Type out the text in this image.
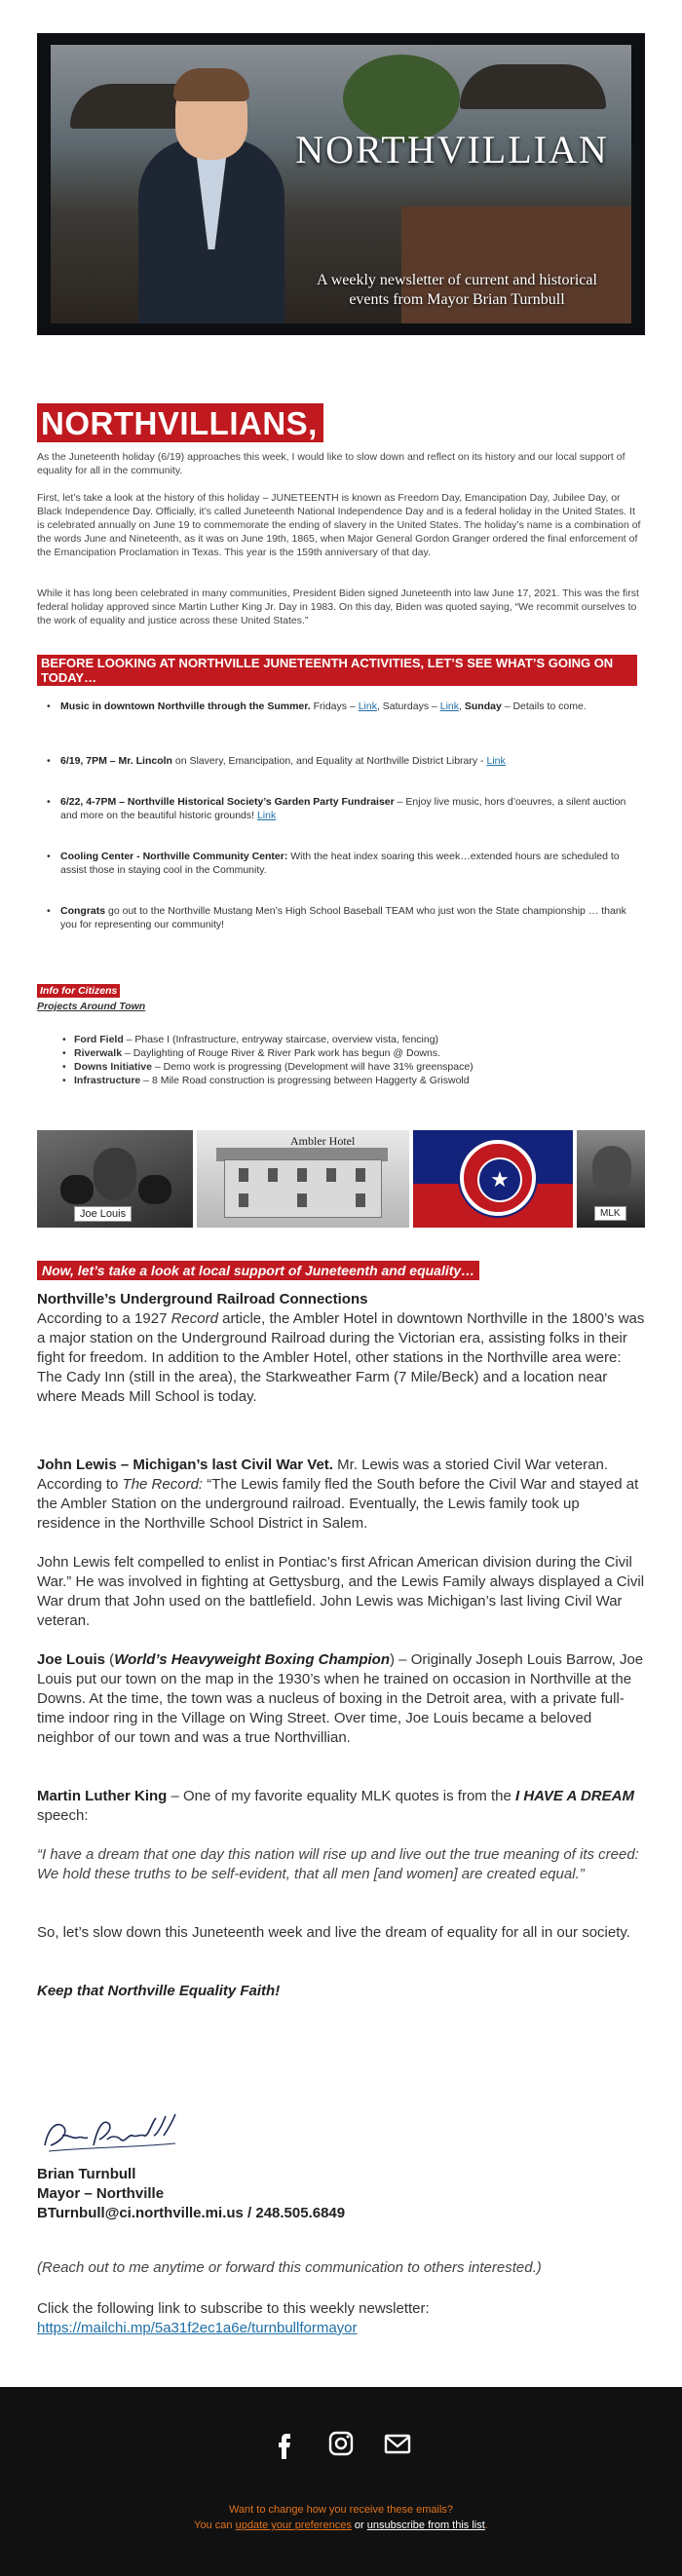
NORTHVILLIAN
A weekly newsletter of current and historical events from Mayor Brian Turnbull
NORTHVILLIANS,

As the Juneteenth holiday (6/19) approaches this week, I would like to slow down and reflect on its history and our local support of equality for all in the community.

First, let’s take a look at the history of this holiday – JUNETEENTH is known as Freedom Day, Emancipation Day, Jubilee Day, or Black Independence Day. Officially, it’s called Juneteenth National Independence Day and is a federal holiday in the United States. It is celebrated annually on June 19 to commemorate the ending of slavery in the United States. The holiday’s name is a combination of the words June and Nineteenth, as it was on June 19th, 1865, when Major General Gordon Granger ordered the final enforcement of the Emancipation Proclamation in Texas. This year is the 159th anniversary of that day.

While it has long been celebrated in many communities, President Biden signed Juneteenth into law June 17, 2021. This was the first federal holiday approved since Martin Luther King Jr. Day in 1983. On this day, Biden was quoted saying, “We recommit ourselves to the work of equality and justice across these United States.”

BEFORE LOOKING AT NORTHVILLE JUNETEENTH ACTIVITIES, LET’S SEE WHAT’S GOING ON TODAY…

• Music in downtown Northville through the Summer. Fridays – Link, Saturdays – Link, Sunday – Details to come.

• 6/19, 7PM – Mr. Lincoln on Slavery, Emancipation, and Equality at Northville District Library - Link

• 6/22, 4-7PM – Northville Historical Society’s Garden Party Fundraiser – Enjoy live music, hors d’oeuvres, a silent auction and more on the beautiful historic grounds! Link

• Cooling Center - Northville Community Center: With the heat index soaring this week…extended hours are scheduled to assist those in staying cool in the Community.

• Congrats go out to the Northville Mustang Men’s High School Baseball TEAM who just won the State championship … thank you for representing our community!

Info for Citizens
Projects Around Town

• Ford Field – Phase I (Infrastructure, entryway staircase, overview vista, fencing)

• Riverwalk – Daylighting of Rouge River & River Park work has begun @ Downs.

• Downs Initiative – Demo work is progressing (Development will have 31% greenspace)

• Infrastructure – 8 Mile Road construction is progressing between Haggerty & Griswold

Joe Louis
Ambler Hotel
★
MLK
Now, let’s take a look at local support of Juneteenth and equality…

Northville’s Underground Railroad Connections
According to a 1927 Record article, the Ambler Hotel in downtown Northville in the 1800’s was a major station on the Underground Railroad during the Victorian era, assisting folks in their fight for freedom. In addition to the Ambler Hotel, other stations in the Northville area were: The Cady Inn (still in the area), the Starkweather Farm (7 Mile/Beck) and a location near where Meads Mill School is today.

John Lewis – Michigan’s last Civil War Vet. Mr. Lewis was a storied Civil War veteran. According to The Record: “The Lewis family fled the South before the Civil War and stayed at the Ambler Station on the underground railroad. Eventually, the Lewis family took up residence in the Northville School District in Salem.

John Lewis felt compelled to enlist in Pontiac’s first African American division during the Civil War.” He was involved in fighting at Gettysburg, and the Lewis Family always displayed a Civil War drum that John used on the battlefield. John Lewis was Michigan’s last living Civil War veteran.

Joe Louis (World’s Heavyweight Boxing Champion) – Originally Joseph Louis Barrow, Joe Louis put our town on the map in the 1930’s when he trained on occasion in Northville at the Downs. At the time, the town was a nucleus of boxing in the Detroit area, with a private full-time indoor ring in the Village on Wing Street. Over time, Joe Louis became a beloved neighbor of our town and was a true Northvillian.

Martin Luther King – One of my favorite equality MLK quotes is from the I HAVE A DREAM speech:

“I have a dream that one day this nation will rise up and live out the true meaning of its creed: We hold these truths to be self-evident, that all men [and women] are created equal.”

So, let’s slow down this Juneteenth week and live the dream of equality for all in our society.

Keep that Northville Equality Faith!

Brian Turnbull
Mayor – Northville
BTurnbull@ci.northville.mi.us / 248.505.6849
(Reach out to me anytime or forward this communication to others interested.)
Click the following link to subscribe to this weekly newsletter:
https://mailchi.mp/5a31f2ec1a6e/turnbullformayor
Want to change how you receive these emails?
You can update your preferences or unsubscribe from this list.
